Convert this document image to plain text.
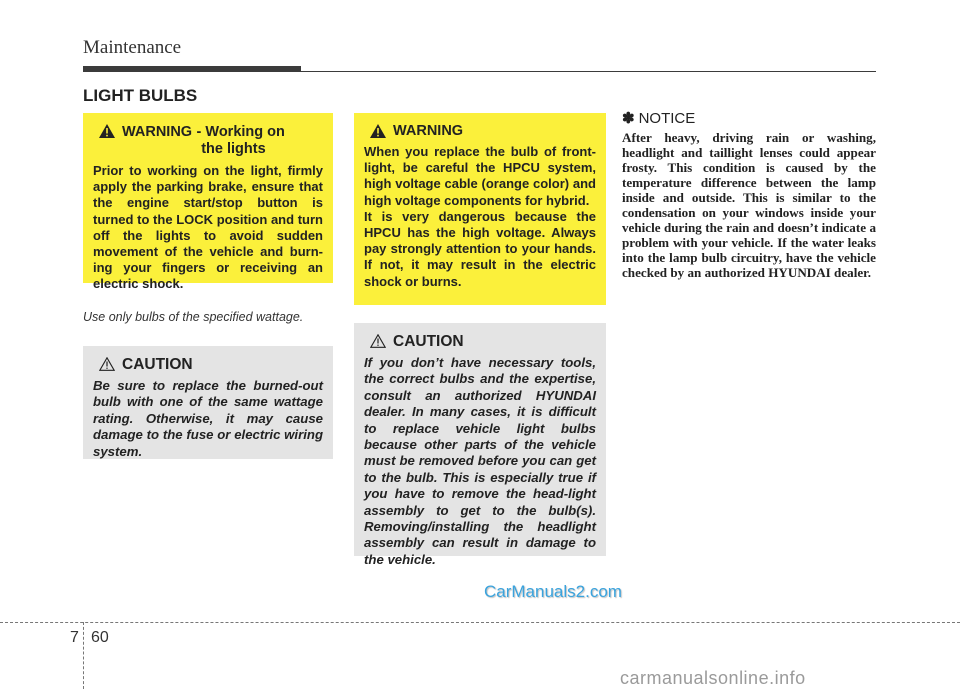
Maintenance
LIGHT BULBS
WARNING - Working on
the lights

Prior to working on the light, firmly apply the parking brake, ensure that the engine start/stop button is turned to the LOCK position and turn off the lights to avoid sudden movement of the vehicle and burn-ing your fingers or receiving an electric shock.

Use only bulbs of the specified wattage.

CAUTION

Be sure to replace the burned-out bulb with one of the same wattage rating. Otherwise, it may cause damage to the fuse or electric wiring system.

WARNING

When you replace the bulb of front-light, be careful the HPCU system, high voltage cable (orange color) and high voltage components for hybrid.

It is very dangerous because the HPCU has the high voltage. Always pay strongly attention to your hands. If not, it may result in the electric shock or burns.

CAUTION

If you don’t have necessary tools, the correct bulbs and the expertise, consult an authorized HYUNDAI dealer. In many cases, it is difficult to replace vehicle light bulbs because other parts of the vehicle must be removed before you can get to the bulb. This is especially true if you have to remove the head-light assembly to get to the bulb(s). Removing/installing the headlight assembly can result in damage to the vehicle.

✽ NOTICE

After heavy, driving rain or washing, headlight and taillight lenses could appear frosty. This condition is caused by the temperature difference between the lamp inside and outside. This is similar to the condensation on your windows inside your vehicle during the rain and doesn’t indicate a problem with your vehicle. If the water leaks into the lamp bulb circuitry, have the vehicle checked by an authorized HYUNDAI dealer.

CarManuals2.com

7 60

carmanualsonline.info
